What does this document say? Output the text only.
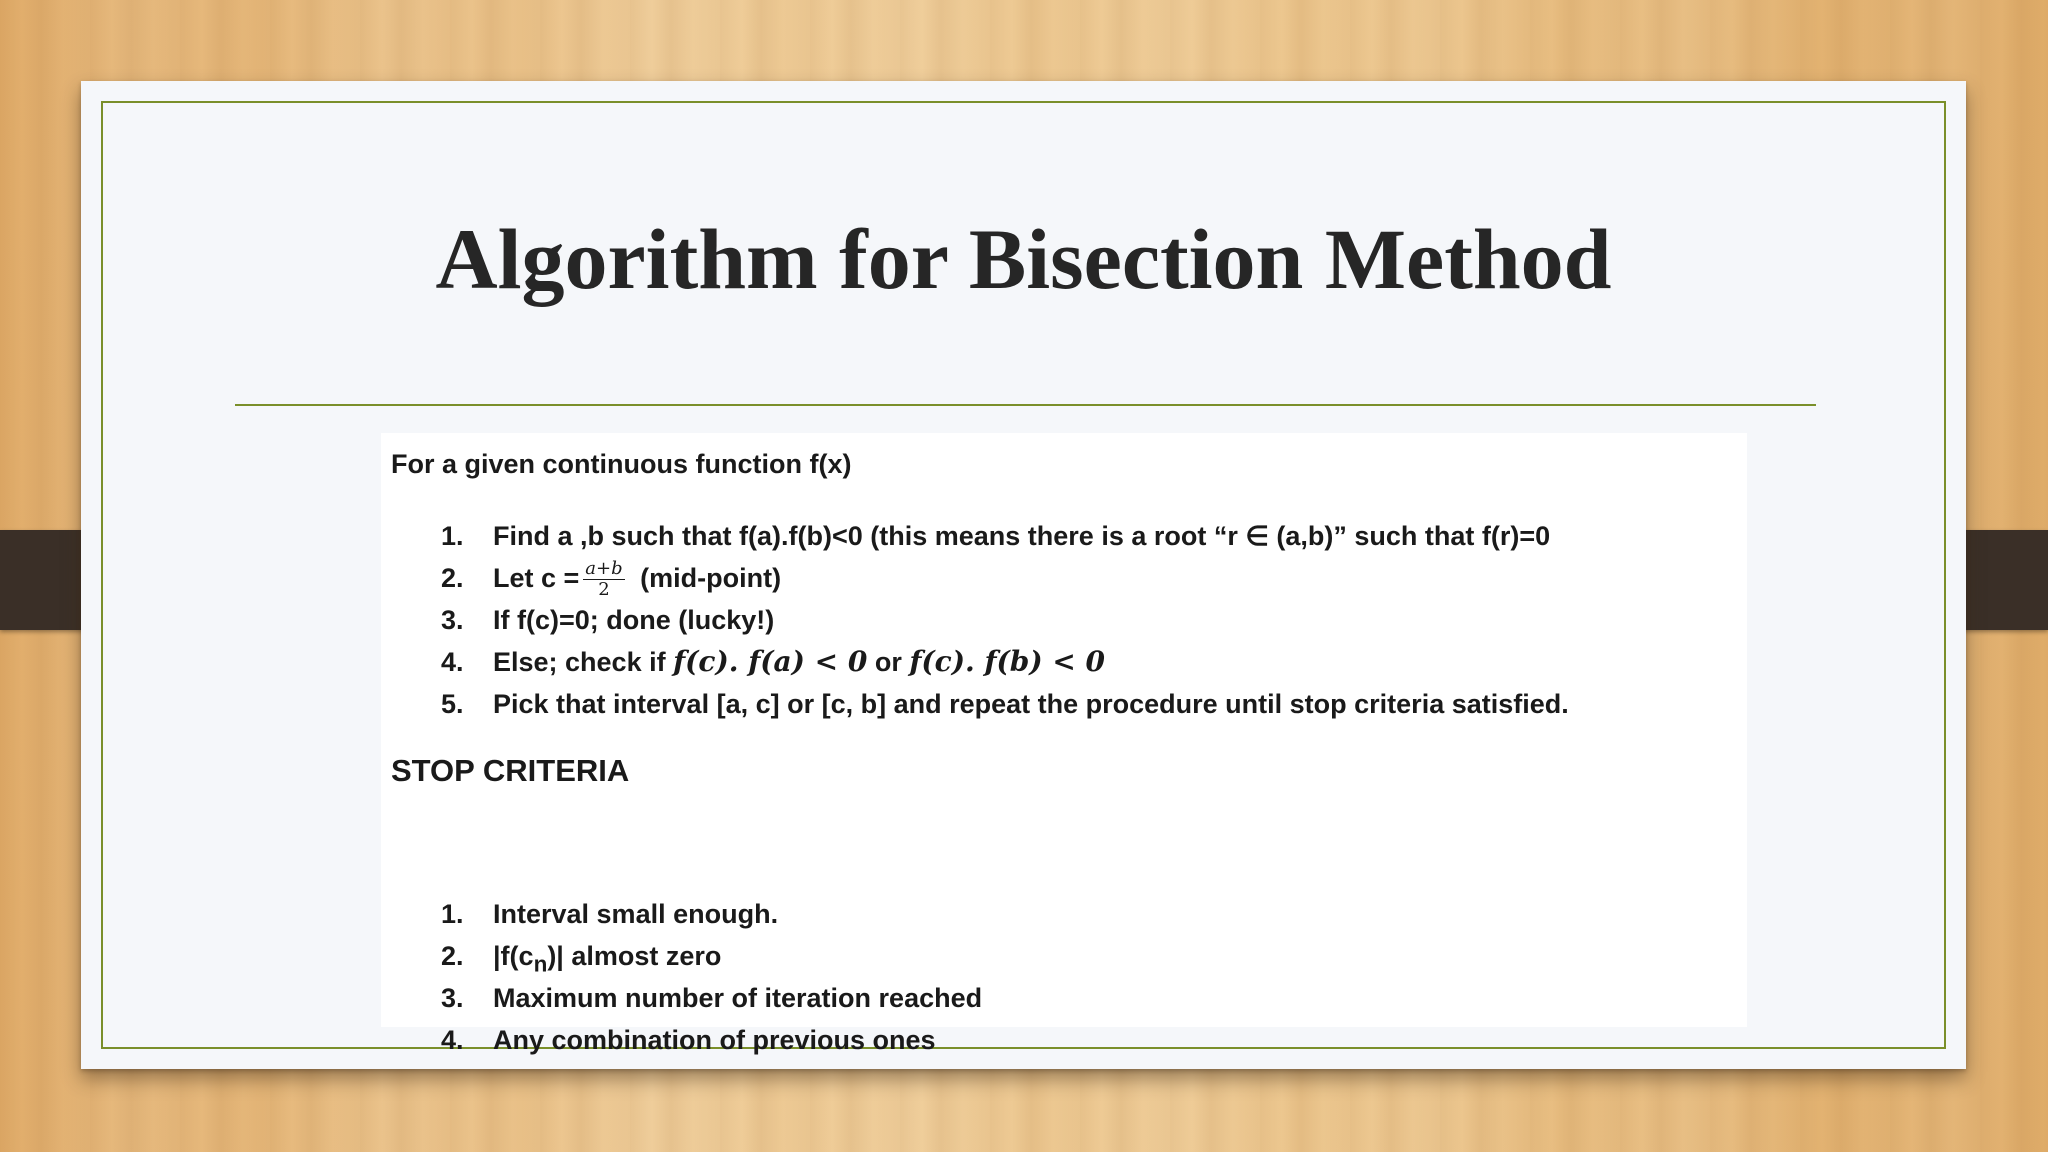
Algorithm for Bisection Method

For a given continuous function f(x)

1. Find a ,b such that f(a).f(b)<0 (this means there is a root “r ∈ (a,b)” such that f(r)=0
2. Let $c = \frac{a+b}{2}$ (mid-point)
3. If f(c)=0; done (lucky!)
4. Else; check if f(c). f(a) < 0 or f(c). f(b) < 0
5. Pick that interval [a, c] or [c, b] and repeat the procedure until stop criteria satisfied.

STOP CRITERIA

1. Interval small enough.
2. $|f(c_n)|$ almost zero
3. Maximum number of iteration reached
4. Any combination of previous ones
